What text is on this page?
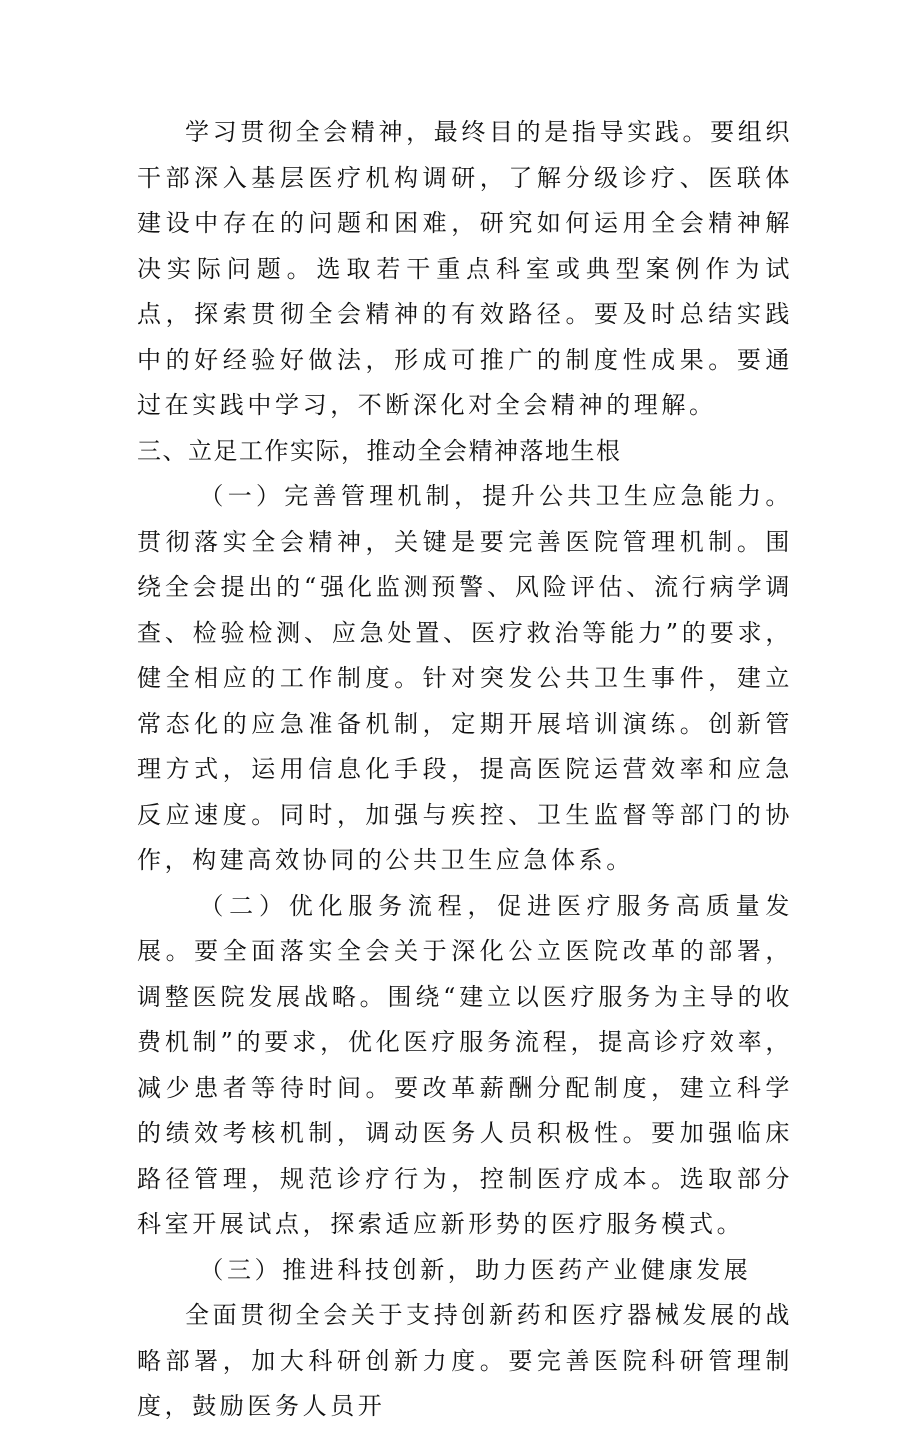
学习贯彻全会精神，最终目的是指导实践。要组织干部深入基层医疗机构调研，了解分级诊疗、医联体建设中存在的问题和困难，研究如何运用全会精神解决实际问题。选取若干重点科室或典型案例作为试点，探索贯彻全会精神的有效路径。要及时总结实践中的好经验好做法，形成可推广的制度性成果。要通过在实践中学习，不断深化对全会精神的理解。

三、立足工作实际，推动全会精神落地生根

（一）完善管理机制，提升公共卫生应急能力。贯彻落实全会精神，关键是要完善医院管理机制。围绕全会提出的“强化监测预警、风险评估、流行病学调查、检验检测、应急处置、医疗救治等能力”的要求，健全相应的工作制度。针对突发公共卫生事件，建立常态化的应急准备机制，定期开展培训演练。创新管理方式，运用信息化手段，提高医院运营效率和应急反应速度。同时，加强与疾控、卫生监督等部门的协作，构建高效协同的公共卫生应急体系。

（二）优化服务流程，促进医疗服务高质量发展。要全面落实全会关于深化公立医院改革的部署，调整医院发展战略。围绕“建立以医疗服务为主导的收费机制”的要求，优化医疗服务流程，提高诊疗效率，减少患者等待时间。要改革薪酬分配制度，建立科学的绩效考核机制，调动医务人员积极性。要加强临床路径管理，规范诊疗行为，控制医疗成本。选取部分科室开展试点，探索适应新形势的医疗服务模式。

（三）推进科技创新，助力医药产业健康发展

全面贯彻全会关于支持创新药和医疗器械发展的战略部署，加大科研创新力度。要完善医院科研管理制度，鼓励医务人员开
